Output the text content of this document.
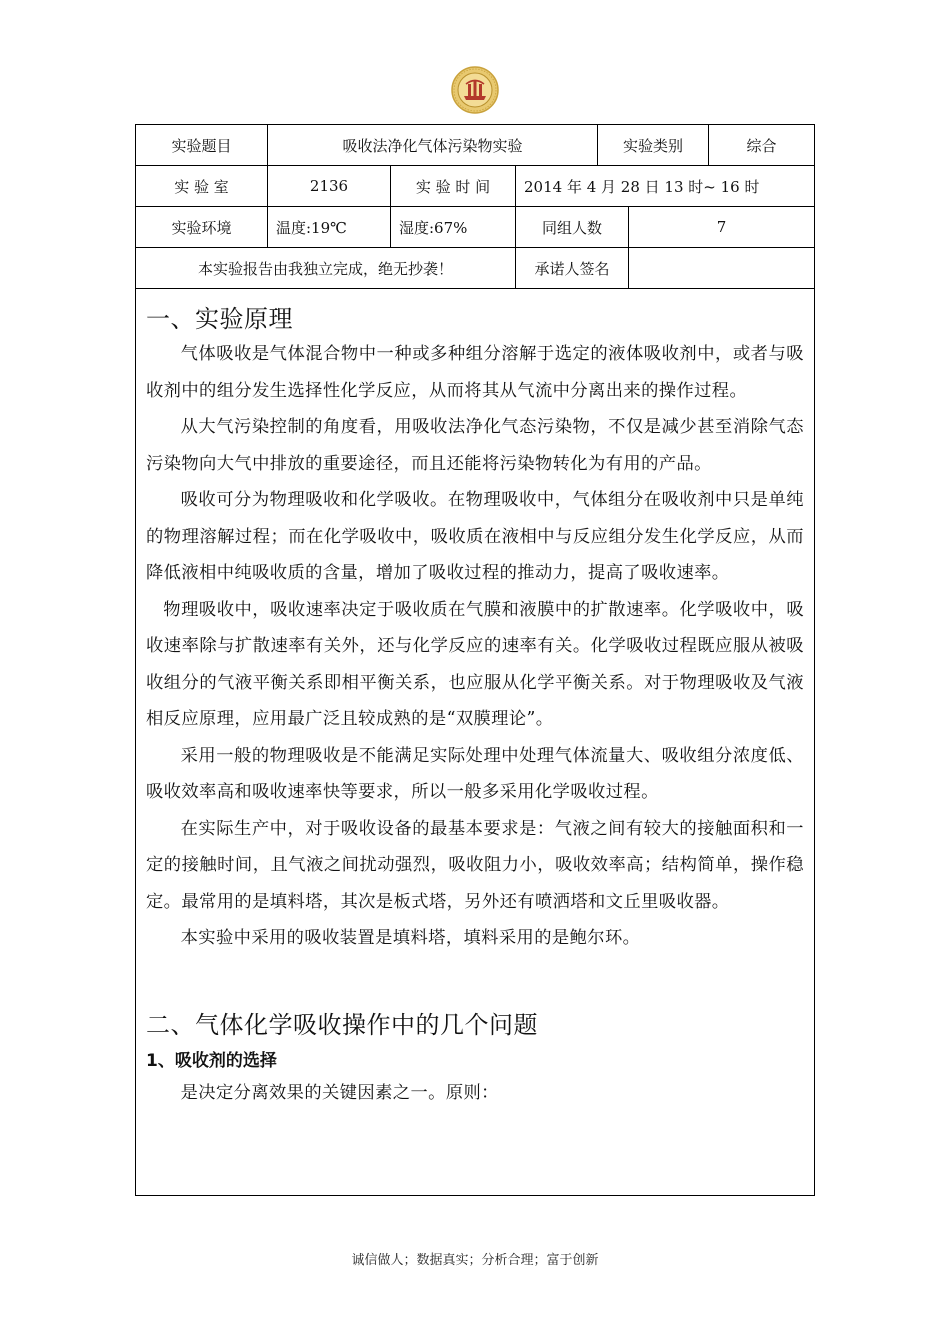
实验题目	吸收法净化气体污染物实验	实验类别	综合
实 验 室	2136	实 验 时 间	2014 年 4 月 28 日 13 时~ 16 时
实验环境	温度:19℃	湿度:67%	同组人数	7
本实验报告由我独立完成，绝无抄袭！	承诺人签名
一、实验原理

气体吸收是气体混合物中一种或多种组分溶解于选定的液体吸收剂中，或者与吸收剂中的组分发生选择性化学反应，从而将其从气流中分离出来的操作过程。

从大气污染控制的角度看，用吸收法净化气态污染物，不仅是减少甚至消除气态污染物向大气中排放的重要途径，而且还能将污染物转化为有用的产品。

吸收可分为物理吸收和化学吸收。在物理吸收中，气体组分在吸收剂中只是单纯的物理溶解过程；而在化学吸收中，吸收质在液相中与反应组分发生化学反应，从而降低液相中纯吸收质的含量，增加了吸收过程的推动力，提高了吸收速率。

物理吸收中，吸收速率决定于吸收质在气膜和液膜中的扩散速率。化学吸收中，吸收速率除与扩散速率有关外，还与化学反应的速率有关。化学吸收过程既应服从被吸收组分的气液平衡关系即相平衡关系，也应服从化学平衡关系。对于物理吸收及气液相反应原理，应用最广泛且较成熟的是“双膜理论”。

采用一般的物理吸收是不能满足实际处理中处理气体流量大、吸收组分浓度低、吸收效率高和吸收速率快等要求，所以一般多采用化学吸收过程。

在实际生产中，对于吸收设备的最基本要求是：气液之间有较大的接触面积和一定的接触时间，且气液之间扰动强烈，吸收阻力小，吸收效率高；结构简单，操作稳定。最常用的是填料塔，其次是板式塔，另外还有喷洒塔和文丘里吸收器。

本实验中采用的吸收装置是填料塔，填料采用的是鲍尔环。

二、气体化学吸收操作中的几个问题
1、吸收剂的选择

是决定分离效果的关键因素之一。原则：

诚信做人；数据真实；分析合理；富于创新
